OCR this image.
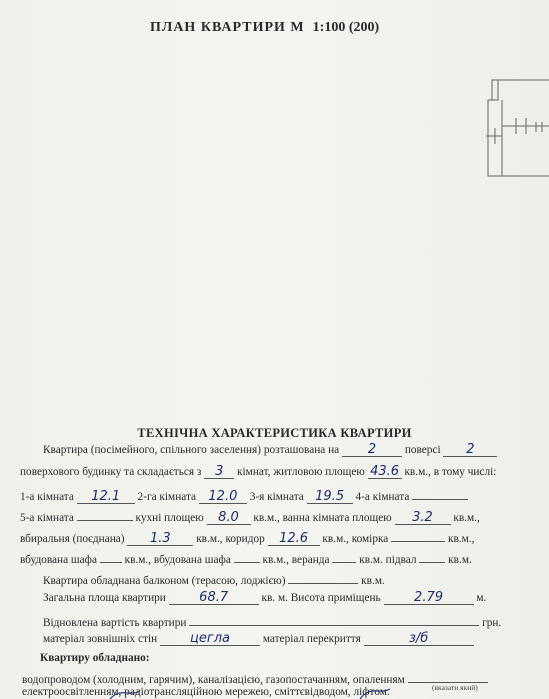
ПЛАН КВАРТИРИ М 1:100 (200)
ТЕХНІЧНА ХАРАКТЕРИСТИКА КВАРТИРИ
Квартира (посімейного, спільного заселення) розташована на 2	поверсі 2
поверхового будинку та складається з 3 кімнат, житловою площею 43.6 кв.м., в тому числі:
1-а кімната 12.1 2-га кімната 12.0 3-я кімната 19.5 4-а кімната
5-а кімната	кухні площею 8.0 кв.м., ванна кімната площею 3.2 кв.м.,
вбиральня (поєднана) 1.3 кв.м., коридор 12.6 кв.м., комірка	кв.м.,
вбудована шафа кв.м., вбудована шафа	кв.м., веранда	кв.м. підвал	кв.м.
Квартира обладнана балконом (терасою, лоджією)	кв.м.
Загальна площа квартири	68.7	кв. м. Висота приміщень	2.79	м.
Відновлена вартість квартири	грн.
матеріал зовнішніх стін	цегла	матеріал перекриття	з/б
Квартиру обладнано:
водопроводом (холодним, гарячим), каналізацією, газопостачанням, опаленням
(вказати який)
електроосвітленням, радіотрансляційною мережею, сміттєвідводом, ліфтом.
